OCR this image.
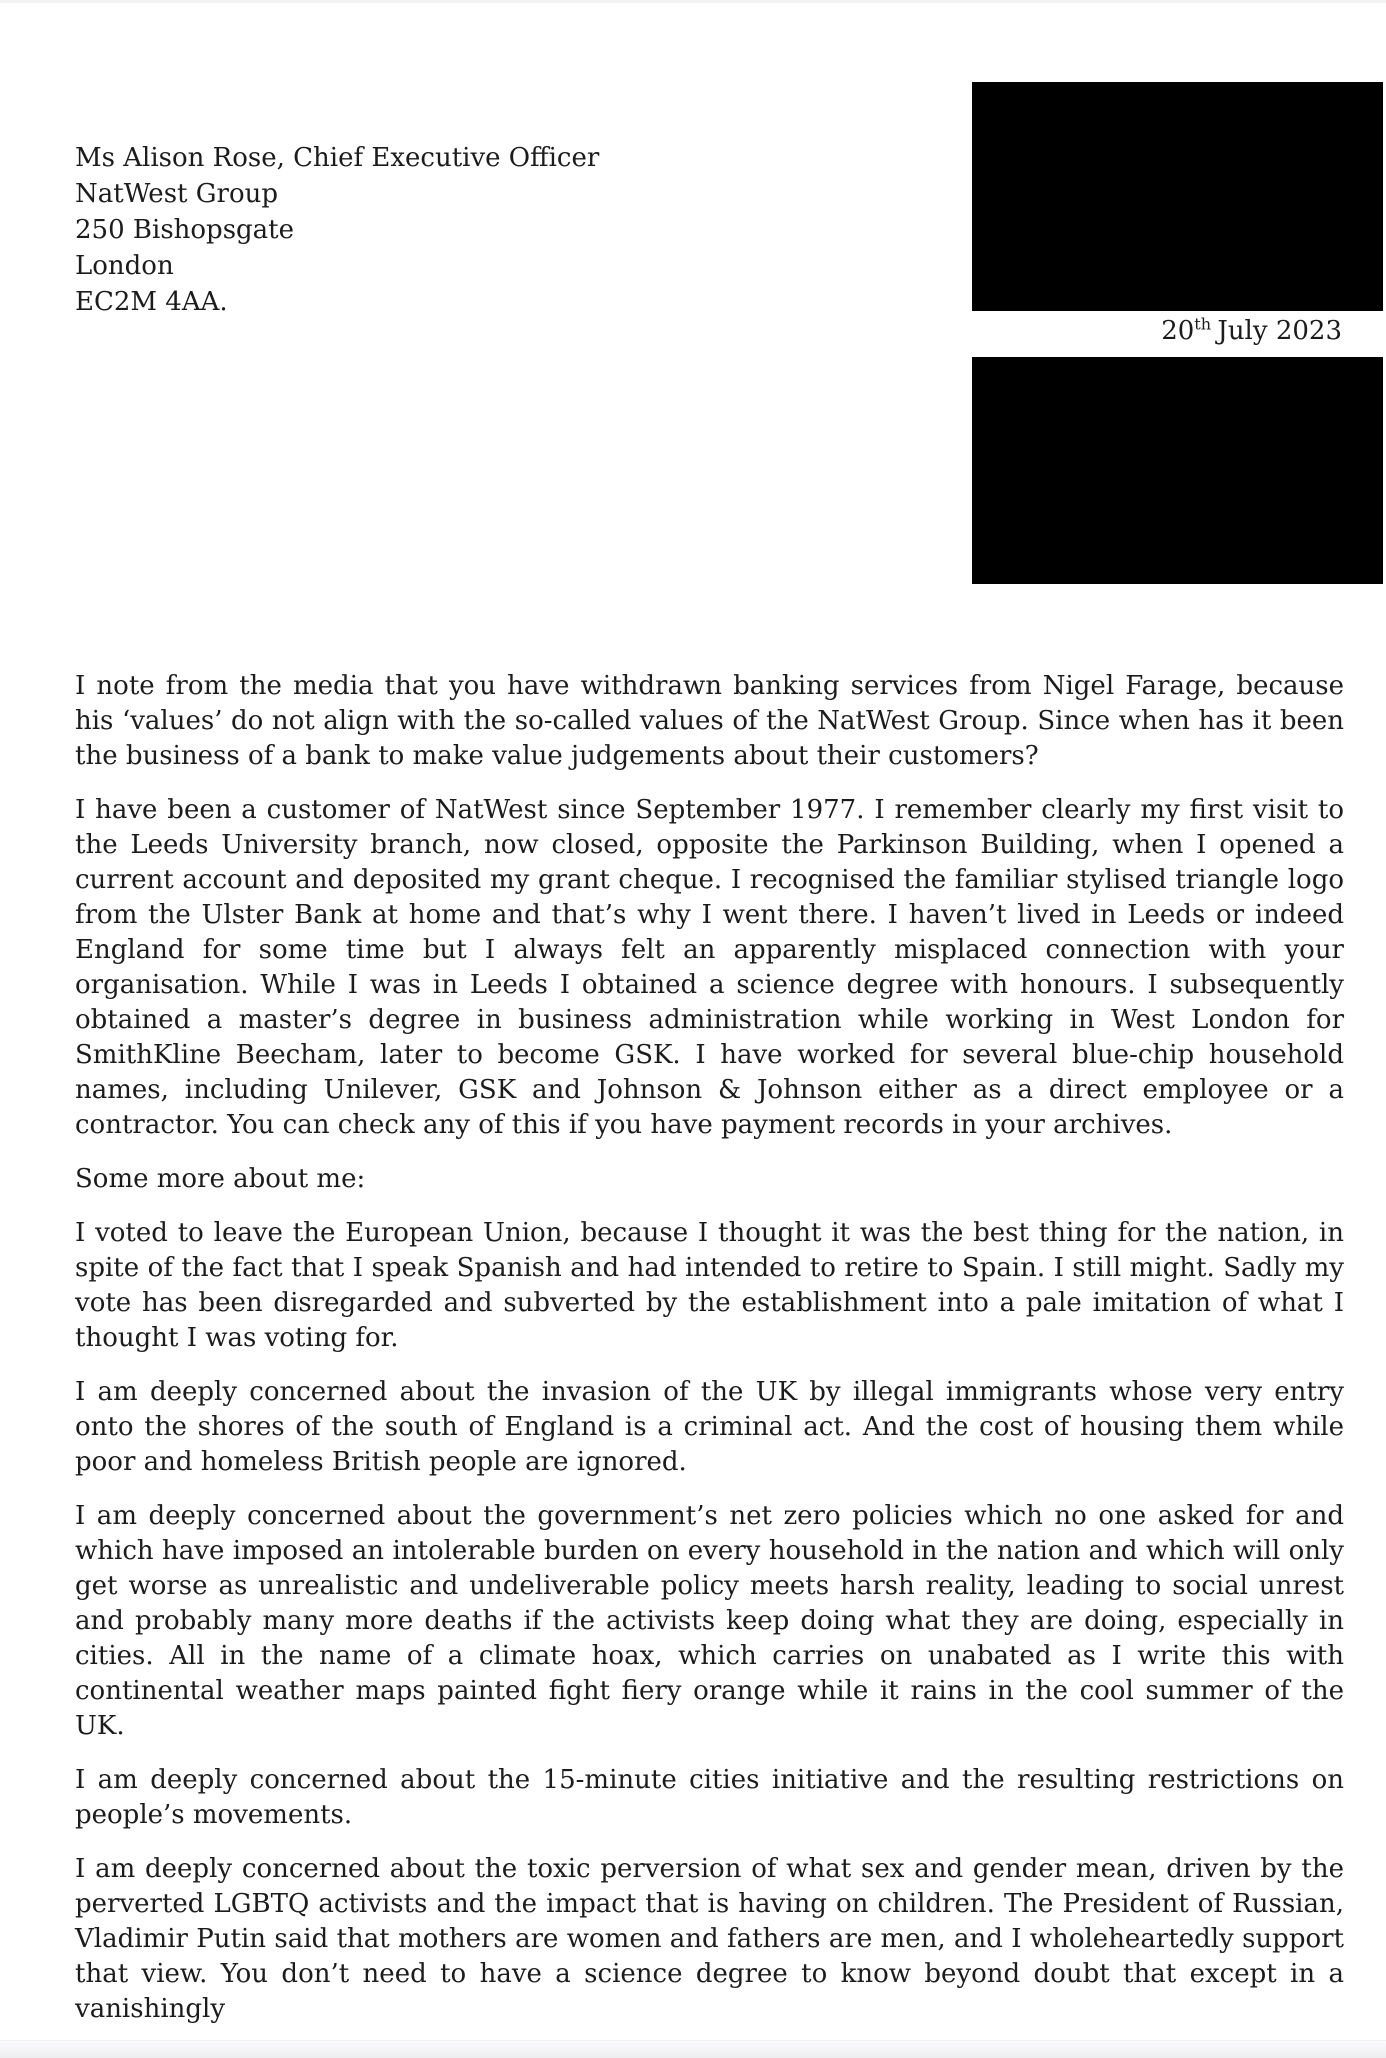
Ms Alison Rose, Chief Executive Officer
NatWest Group
250 Bishopsgate
London
EC2M 4AA.
20th July 2023

I note from the media that you have withdrawn banking services from Nigel Farage, because his ‘values’ do not align with the so-called values of the NatWest Group. Since when has it been the business of a bank to make value judgements about their customers?

I have been a customer of NatWest since September 1977. I remember clearly my first visit to the Leeds University branch, now closed, opposite the Parkinson Building, when I opened a current account and deposited my grant cheque. I recognised the familiar stylised triangle logo from the Ulster Bank at home and that’s why I went there. I haven’t lived in Leeds or indeed England for some time but I always felt an apparently misplaced connection with your organisation. While I was in Leeds I obtained a science degree with honours. I subsequently obtained a master’s degree in business administration while working in West London for SmithKline Beecham, later to become GSK. I have worked for several blue-chip household names, including Unilever, GSK and Johnson & Johnson either as a direct employee or a contractor. You can check any of this if you have payment records in your archives.

Some more about me:

I voted to leave the European Union, because I thought it was the best thing for the nation, in spite of the fact that I speak Spanish and had intended to retire to Spain. I still might. Sadly my vote has been disregarded and subverted by the establishment into a pale imitation of what I thought I was voting for.

I am deeply concerned about the invasion of the UK by illegal immigrants whose very entry onto the shores of the south of England is a criminal act. And the cost of housing them while poor and homeless British people are ignored.

I am deeply concerned about the government’s net zero policies which no one asked for and which have imposed an intolerable burden on every household in the nation and which will only get worse as unrealistic and undeliverable policy meets harsh reality, leading to social unrest and probably many more deaths if the activists keep doing what they are doing, especially in cities. All in the name of a climate hoax, which carries on unabated as I write this with continental weather maps painted fight fiery orange while it rains in the cool summer of the UK.

I am deeply concerned about the 15-minute cities initiative and the resulting restrictions on people’s movements.

I am deeply concerned about the toxic perversion of what sex and gender mean, driven by the perverted LGBTQ activists and the impact that is having on children. The President of Russian, Vladimir Putin said that mothers are women and fathers are men, and I wholeheartedly support that view. You don’t need to have a science degree to know beyond doubt that except in a vanishingly
